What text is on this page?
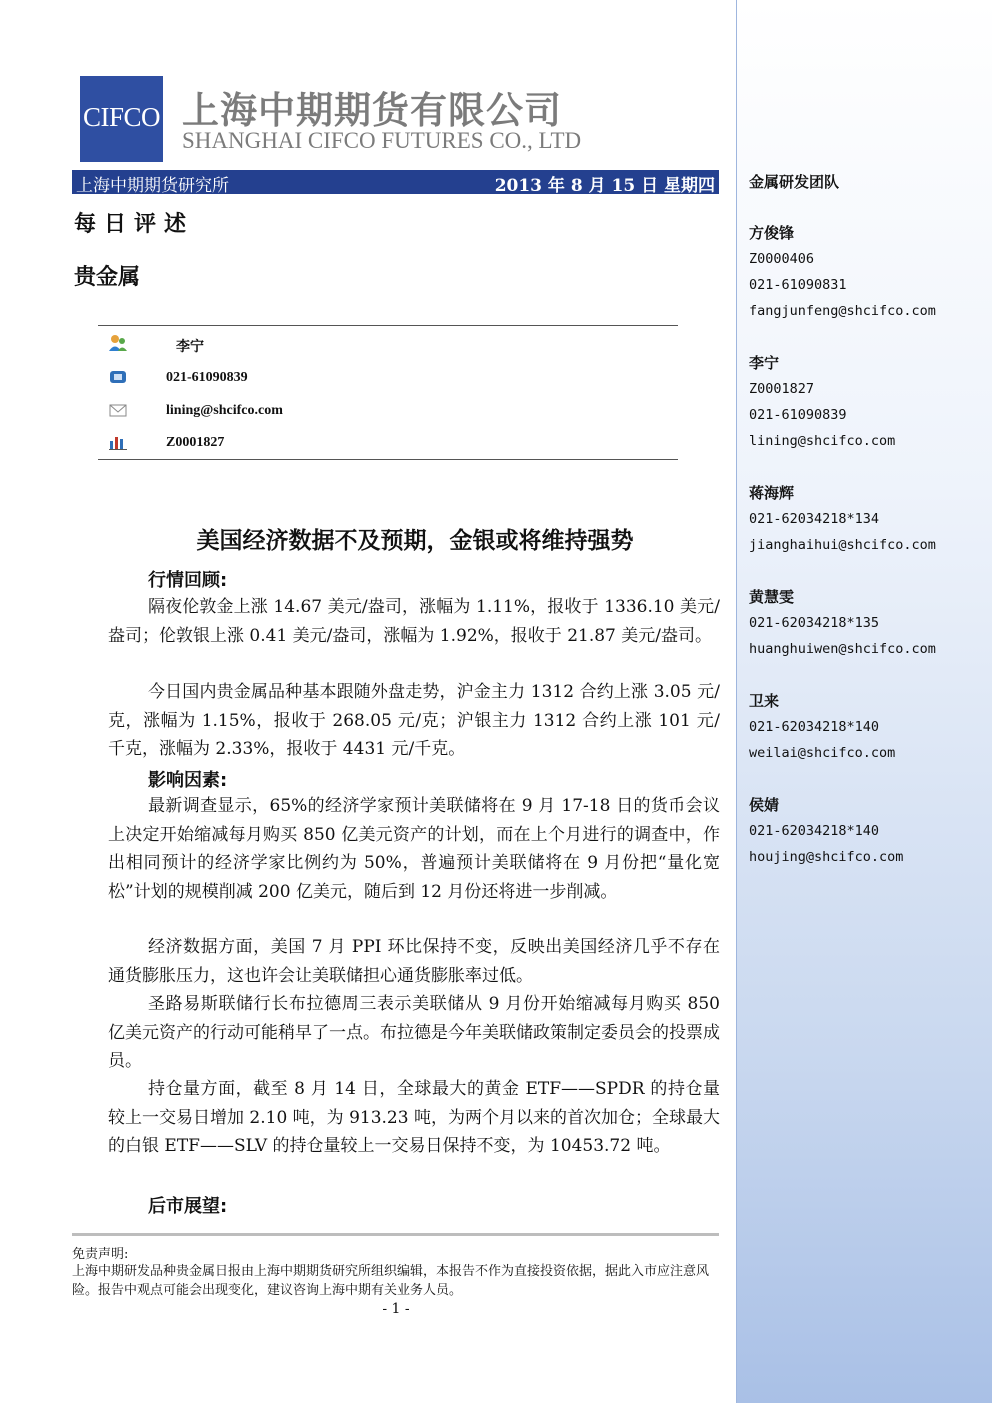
金属研发团队
方俊锋
Z0000406
021-61090831
fangjunfeng@shcifco.com
李宁
Z0001827
021-61090839
lining@shcifco.com
蒋海辉
021-62034218*134
jianghaihui@shcifco.com
黄慧雯
021-62034218*135
huanghuiwen@shcifco.com
卫来
021-62034218*140
weilai@shcifco.com
侯婧
021-62034218*140
houjing@shcifco.com
CIFCO 上海中期期货有限公司
SHANGHAI CIFCO FUTURES CO., LTD
上海中期期货研究所	2013 年 8 月 15 日 星期四
每日评述
贵金属
李宁
021-61090839
lining@shcifco.com
Z0001827
美国经济数据不及预期，金银或将维持强势
行情回顾:
隔夜伦敦金上涨 14.67 美元/盎司，涨幅为 1.11%，报收于 1336.10 美元/盎司；伦敦银上涨 0.41 美元/盎司，涨幅为 1.92%，报收于 21.87 美元/盎司。
今日国内贵金属品种基本跟随外盘走势，沪金主力 1312 合约上涨 3.05 元/克，涨幅为 1.15%，报收于 268.05 元/克；沪银主力 1312 合约上涨 101 元/千克，涨幅为 2.33%，报收于 4431 元/千克。
影响因素:
最新调查显示，65%的经济学家预计美联储将在 9 月 17-18 日的货币会议上决定开始缩减每月购买 850 亿美元资产的计划，而在上个月进行的调查中，作出相同预计的经济学家比例约为 50%，普遍预计美联储将在 9 月份把“量化宽松”计划的规模削减 200 亿美元，随后到 12 月份还将进一步削减。
经济数据方面，美国 7 月 PPI 环比保持不变，反映出美国经济几乎不存在通货膨胀压力，这也许会让美联储担心通货膨胀率过低。
圣路易斯联储行长布拉德周三表示美联储从 9 月份开始缩减每月购买 850 亿美元资产的行动可能稍早了一点。布拉德是今年美联储政策制定委员会的投票成员。
持仓量方面，截至 8 月 14 日，全球最大的黄金 ETF——SPDR 的持仓量较上一交易日增加 2.10 吨，为 913.23 吨，为两个月以来的首次加仓；全球最大的白银 ETF——SLV 的持仓量较上一交易日保持不变，为 10453.72 吨。
后市展望:
免责声明:
上海中期研发品种贵金属日报由上海中期期货研究所组织编辑，本报告不作为直接投资依据，据此入市应注意风险。报告中观点可能会出现变化，建议咨询上海中期有关业务人员。
- 1 -
